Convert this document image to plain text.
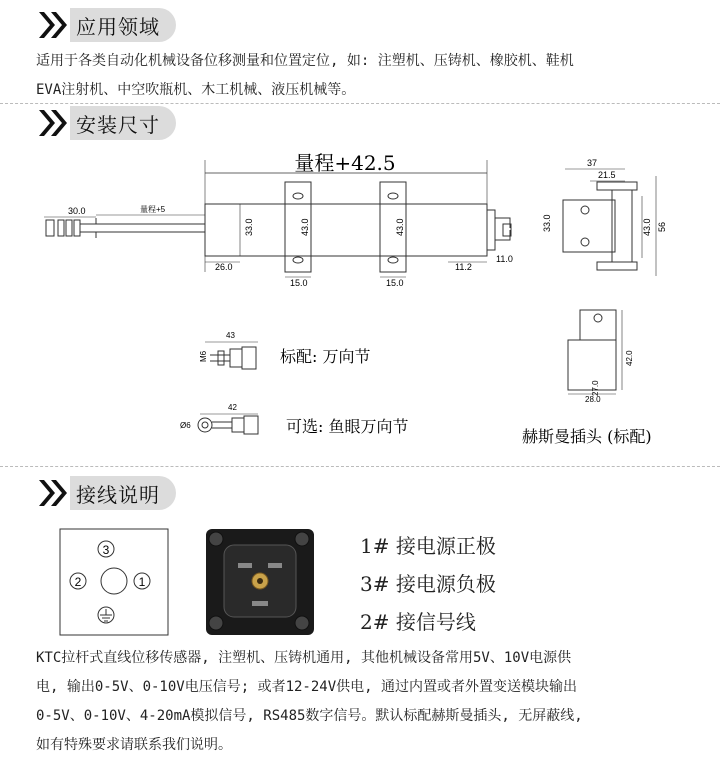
应用领域
适用于各类自动化机械设备位移测量和位置定位, 如: 注塑机、压铸机、橡胶机、鞋机
EVA注射机、中空吹瓶机、木工机械、液压机械等。
安装尺寸
量程+42.5
30.0	量程+5
33.0	43.0	43.0
26.0
15.0	15.0
11.2
11.0
37
21.5
33.0	43.0 56
43
M6	标配: 万向节
42
Ø6	可选: 鱼眼万向节
27.0
42.0
28.0
赫斯曼插头 (标配)
接线说明
3
2	1
1# 接电源正极
3# 接电源负极
2# 接信号线
KTC拉杆式直线位移传感器, 注塑机、压铸机通用, 其他机械设备常用5V、10V电源供
电, 输出0-5V、0-10V电压信号; 或者12-24V供电, 通过内置或者外置变送模块输出
0-5V、0-10V、4-20mA模拟信号, RS485数字信号。默认标配赫斯曼插头, 无屏蔽线,
如有特殊要求请联系我们说明。
